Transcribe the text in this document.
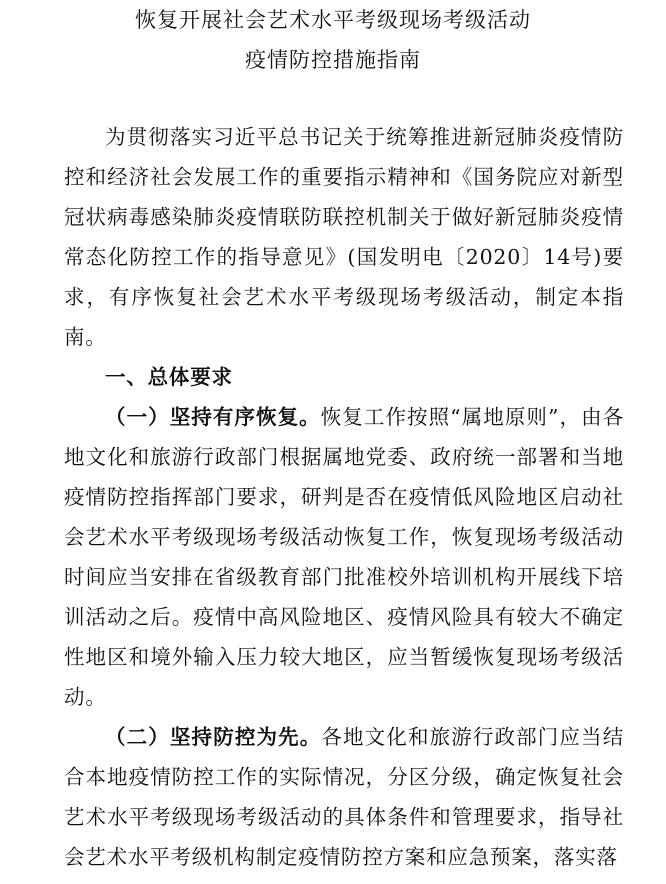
恢复开展社会艺术水平考级现场考级活动
疫情防控措施指南

为贯彻落实习近平总书记关于统筹推进新冠肺炎疫情防控和经济社会发展工作的重要指示精神和《国务院应对新型冠状病毒感染肺炎疫情联防联控机制关于做好新冠肺炎疫情常态化防控工作的指导意见》(国发明电〔2020〕14号)要求，有序恢复社会艺术水平考级现场考级活动，制定本指南。

一、总体要求

（一）坚持有序恢复。恢复工作按照“属地原则”，由各地文化和旅游行政部门根据属地党委、政府统一部署和当地疫情防控指挥部门要求，研判是否在疫情低风险地区启动社会艺术水平考级现场考级活动恢复工作，恢复现场考级活动时间应当安排在省级教育部门批准校外培训机构开展线下培训活动之后。疫情中高风险地区、疫情风险具有较大不确定性地区和境外输入压力较大地区，应当暂缓恢复现场考级活动。

（二）坚持防控为先。各地文化和旅游行政部门应当结合本地疫情防控工作的实际情况，分区分级，确定恢复社会艺术水平考级现场考级活动的具体条件和管理要求，指导社会艺术水平考级机构制定疫情防控方案和应急预案，落实落
